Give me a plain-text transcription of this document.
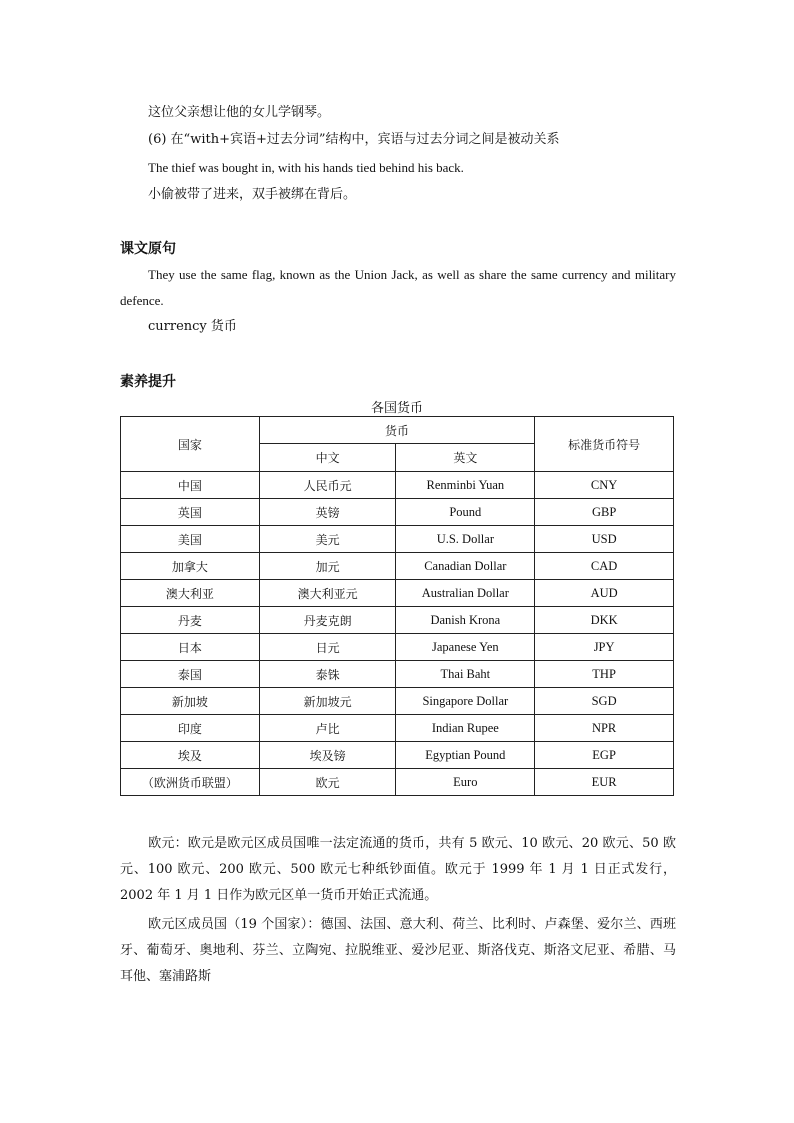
这位父亲想让他的女儿学钢琴。
(6) 在“with+宾语+过去分词”结构中，宾语与过去分词之间是被动关系
The thief was bought in, with his hands tied behind his back.
小偷被带了进来，双手被绑在背后。
课文原句
They use the same flag, known as the Union Jack, as well as share the same currency and military defence.
currency 货币
素养提升
各国货币
国家	货币		标准货币符号
	中文	英文	
中国	人民币元	Renminbi Yuan	CNY
英国	英镑	Pound	GBP
美国	美元	U.S. Dollar	USD
加拿大	加元	Canadian Dollar	CAD
澳大利亚	澳大利亚元	Australian Dollar	AUD
丹麦	丹麦克朗	Danish Krona	DKK
日本	日元	Japanese Yen	JPY
泰国	泰铢	Thai Baht	THP
新加坡	新加坡元	Singapore Dollar	SGD
印度	卢比	Indian Rupee	NPR
埃及	埃及镑	Egyptian Pound	EGP
（欧洲货币联盟）	欧元	Euro	EUR
欧元：欧元是欧元区成员国唯一法定流通的货币，共有 5 欧元、10 欧元、20 欧元、50 欧元、100 欧元、200 欧元、500 欧元七种纸钞面值。欧元于 1999 年 1 月 1 日正式发行，2002 年 1 月 1 日作为欧元区单一货币开始正式流通。
欧元区成员国（19 个国家）：德国、法国、意大利、荷兰、比利时、卢森堡、爱尔兰、西班牙、葡萄牙、奥地利、芬兰、立陶宛、拉脱维亚、爱沙尼亚、斯洛伐克、斯洛文尼亚、希腊、马耳他、塞浦路斯
